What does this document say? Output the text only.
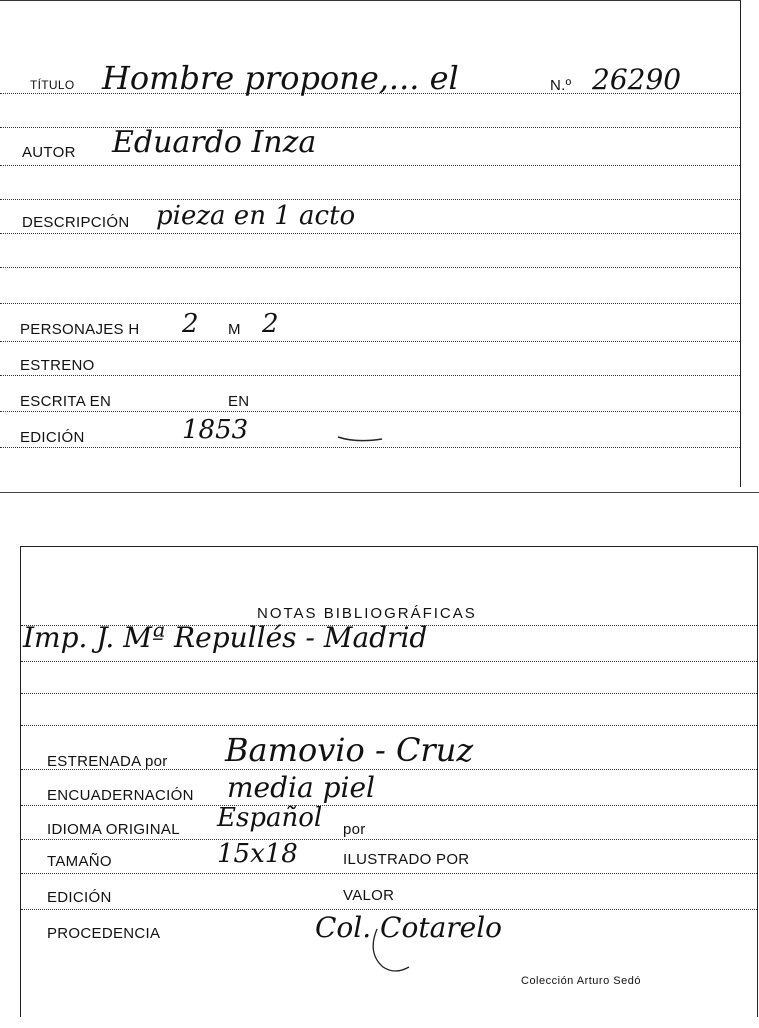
TÍTULO Hombre propone,... el	N.º 26290
AUTOR Eduardo Inza
DESCRIPCIÓN pieza en 1 acto
PERSONAJES H 2 M 2
ESTRENO
ESCRITA EN	EN
EDICIÓN	1853
NOTAS BIBLIOGRÁFICAS
Imp. J. Mª Repullés - Madrid
ESTRENADA por Bamovio - Cruz
ENCUADERNACIÓN media piel
IDIOMA ORIGINAL Español por
TAMAÑO	15x18	ILUSTRADO POR
EDICIÓN	VALOR
PROCEDENCIA	Col. Cotarelo
Colección Arturo Sedó
